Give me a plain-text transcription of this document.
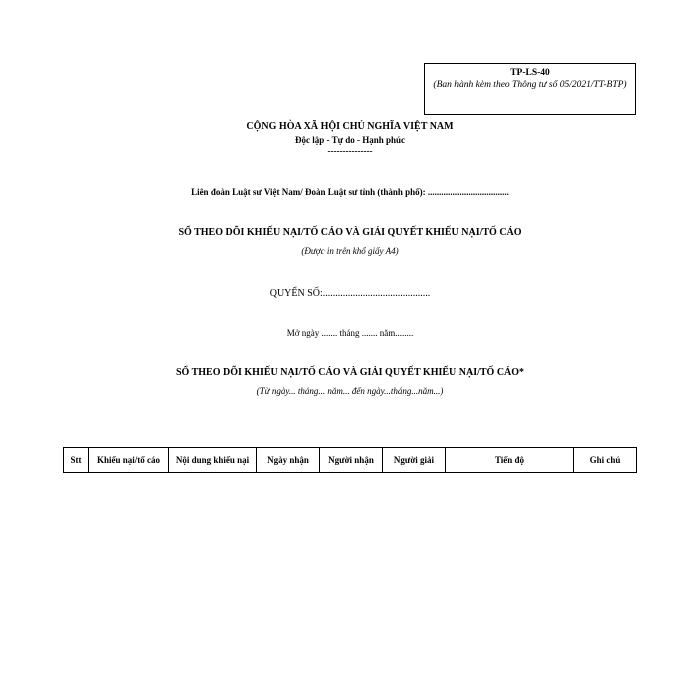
TP-LS-40
(Ban hành kèm theo Thông tư số 05/2021/TT-BTP)
CỘNG HÒA XÃ HỘI CHỦ NGHĨA VIỆT NAM
Độc lập - Tự do - Hạnh phúc
---------------
Liên đoàn Luật sư Việt Nam/ Đoàn Luật sư tỉnh (thành phố): ....................................
SỔ THEO DÕI KHIẾU NẠI/TỐ CÁO VÀ GIẢI QUYẾT KHIẾU NẠI/TỐ CÁO
(Được in trên khổ giấy A4)
QUYỂN SỐ:...........................................
Mở ngày ....... tháng ....... năm........
SỔ THEO DÕI KHIẾU NẠI/TỐ CÁO VÀ GIẢI QUYẾT KHIẾU NẠI/TỐ CÁO*
(Từ ngày... tháng... năm... đến ngày...tháng...năm...)
Stt	Khiếu nại/tố cáo	Nội dung khiếu nại	Ngày nhận	Người nhận	Người giải	Tiến độ	Ghi chú
